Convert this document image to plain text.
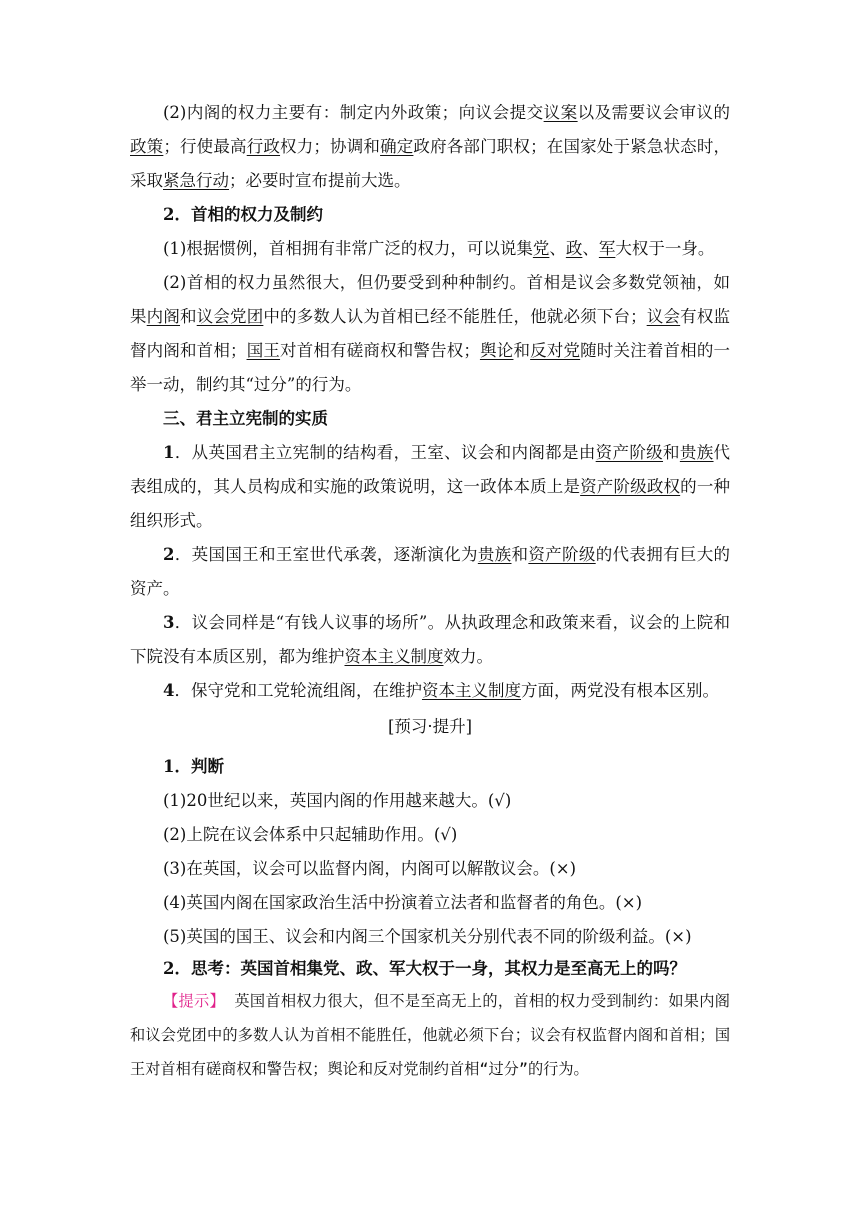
(2)内阁的权力主要有：制定内外政策；向议会提交议案以及需要议会审议的政策；行使最高行政权力；协调和确定政府各部门职权；在国家处于紧急状态时，采取紧急行动；必要时宣布提前大选。

2．首相的权力及制约

(1)根据惯例，首相拥有非常广泛的权力，可以说集党、政、军大权于一身。

(2)首相的权力虽然很大，但仍要受到种种制约。首相是议会多数党领袖，如果内阁和议会党团中的多数人认为首相已经不能胜任，他就必须下台；议会有权监督内阁和首相；国王对首相有磋商权和警告权；舆论和反对党随时关注着首相的一举一动，制约其“过分”的行为。

三、君主立宪制的实质

1．从英国君主立宪制的结构看，王室、议会和内阁都是由资产阶级和贵族代表组成的，其人员构成和实施的政策说明，这一政体本质上是资产阶级政权的一种组织形式。

2．英国国王和王室世代承袭，逐渐演化为贵族和资产阶级的代表拥有巨大的资产。

3．议会同样是“有钱人议事的场所”。从执政理念和政策来看，议会的上院和下院没有本质区别，都为维护资本主义制度效力。

4．保守党和工党轮流组阁，在维护资本主义制度方面，两党没有根本区别。

[预习·提升]

1．判断

(1)20世纪以来，英国内阁的作用越来越大。(√)

(2)上院在议会体系中只起辅助作用。(√)

(3)在英国，议会可以监督内阁，内阁可以解散议会。(×)

(4)英国内阁在国家政治生活中扮演着立法者和监督者的角色。(×)

(5)英国的国王、议会和内阁三个国家机关分别代表不同的阶级利益。(×)

2．思考：英国首相集党、政、军大权于一身，其权力是至高无上的吗？

【提示】 英国首相权力很大，但不是至高无上的，首相的权力受到制约：如果内阁和议会党团中的多数人认为首相不能胜任，他就必须下台；议会有权监督内阁和首相；国王对首相有磋商权和警告权；舆论和反对党制约首相“过分”的行为。
